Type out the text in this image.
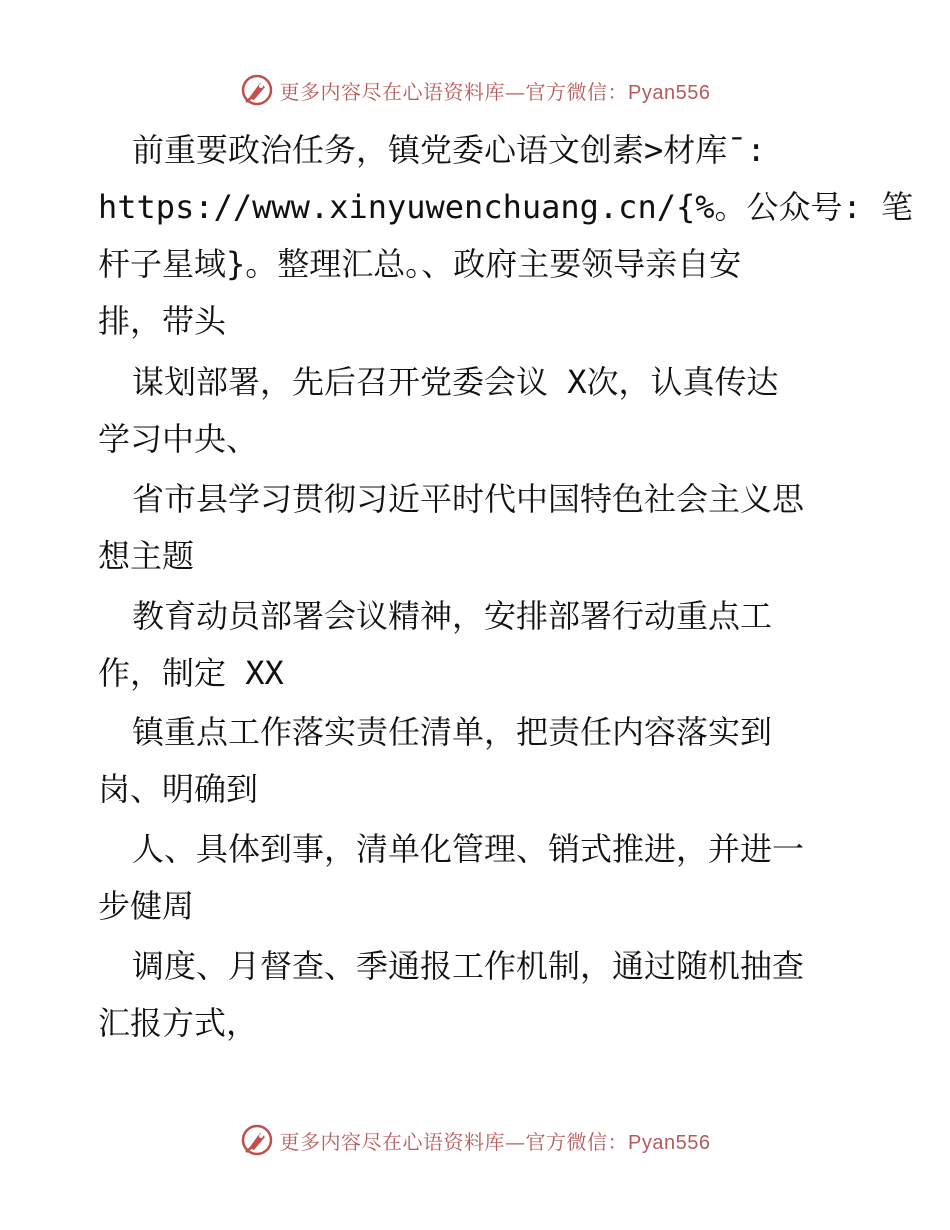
更多内容尽在心语资料库—官方微信：Pyan556
前重要政治任务，镇党委心语文创素>材库¯:
https://www.xinyuwenchuang.cn/{%。公众号: 笔
杆子星域}。整理汇总。、政府主要领导亲自安
排，带头
谋划部署，先后召开党委会议 X次，认真传达
学习中央、
省市县学习贯彻习近平时代中国特色社会主义思
想主题
教育动员部署会议精神，安排部署行动重点工
作，制定 XX
镇重点工作落实责任清单，把责任内容落实到
岗、明确到
人、具体到事，清单化管理、销式推进，并进一
步健周
调度、月督查、季通报工作机制，通过随机抽查
汇报方式，
更多内容尽在心语资料库—官方微信：Pyan556
